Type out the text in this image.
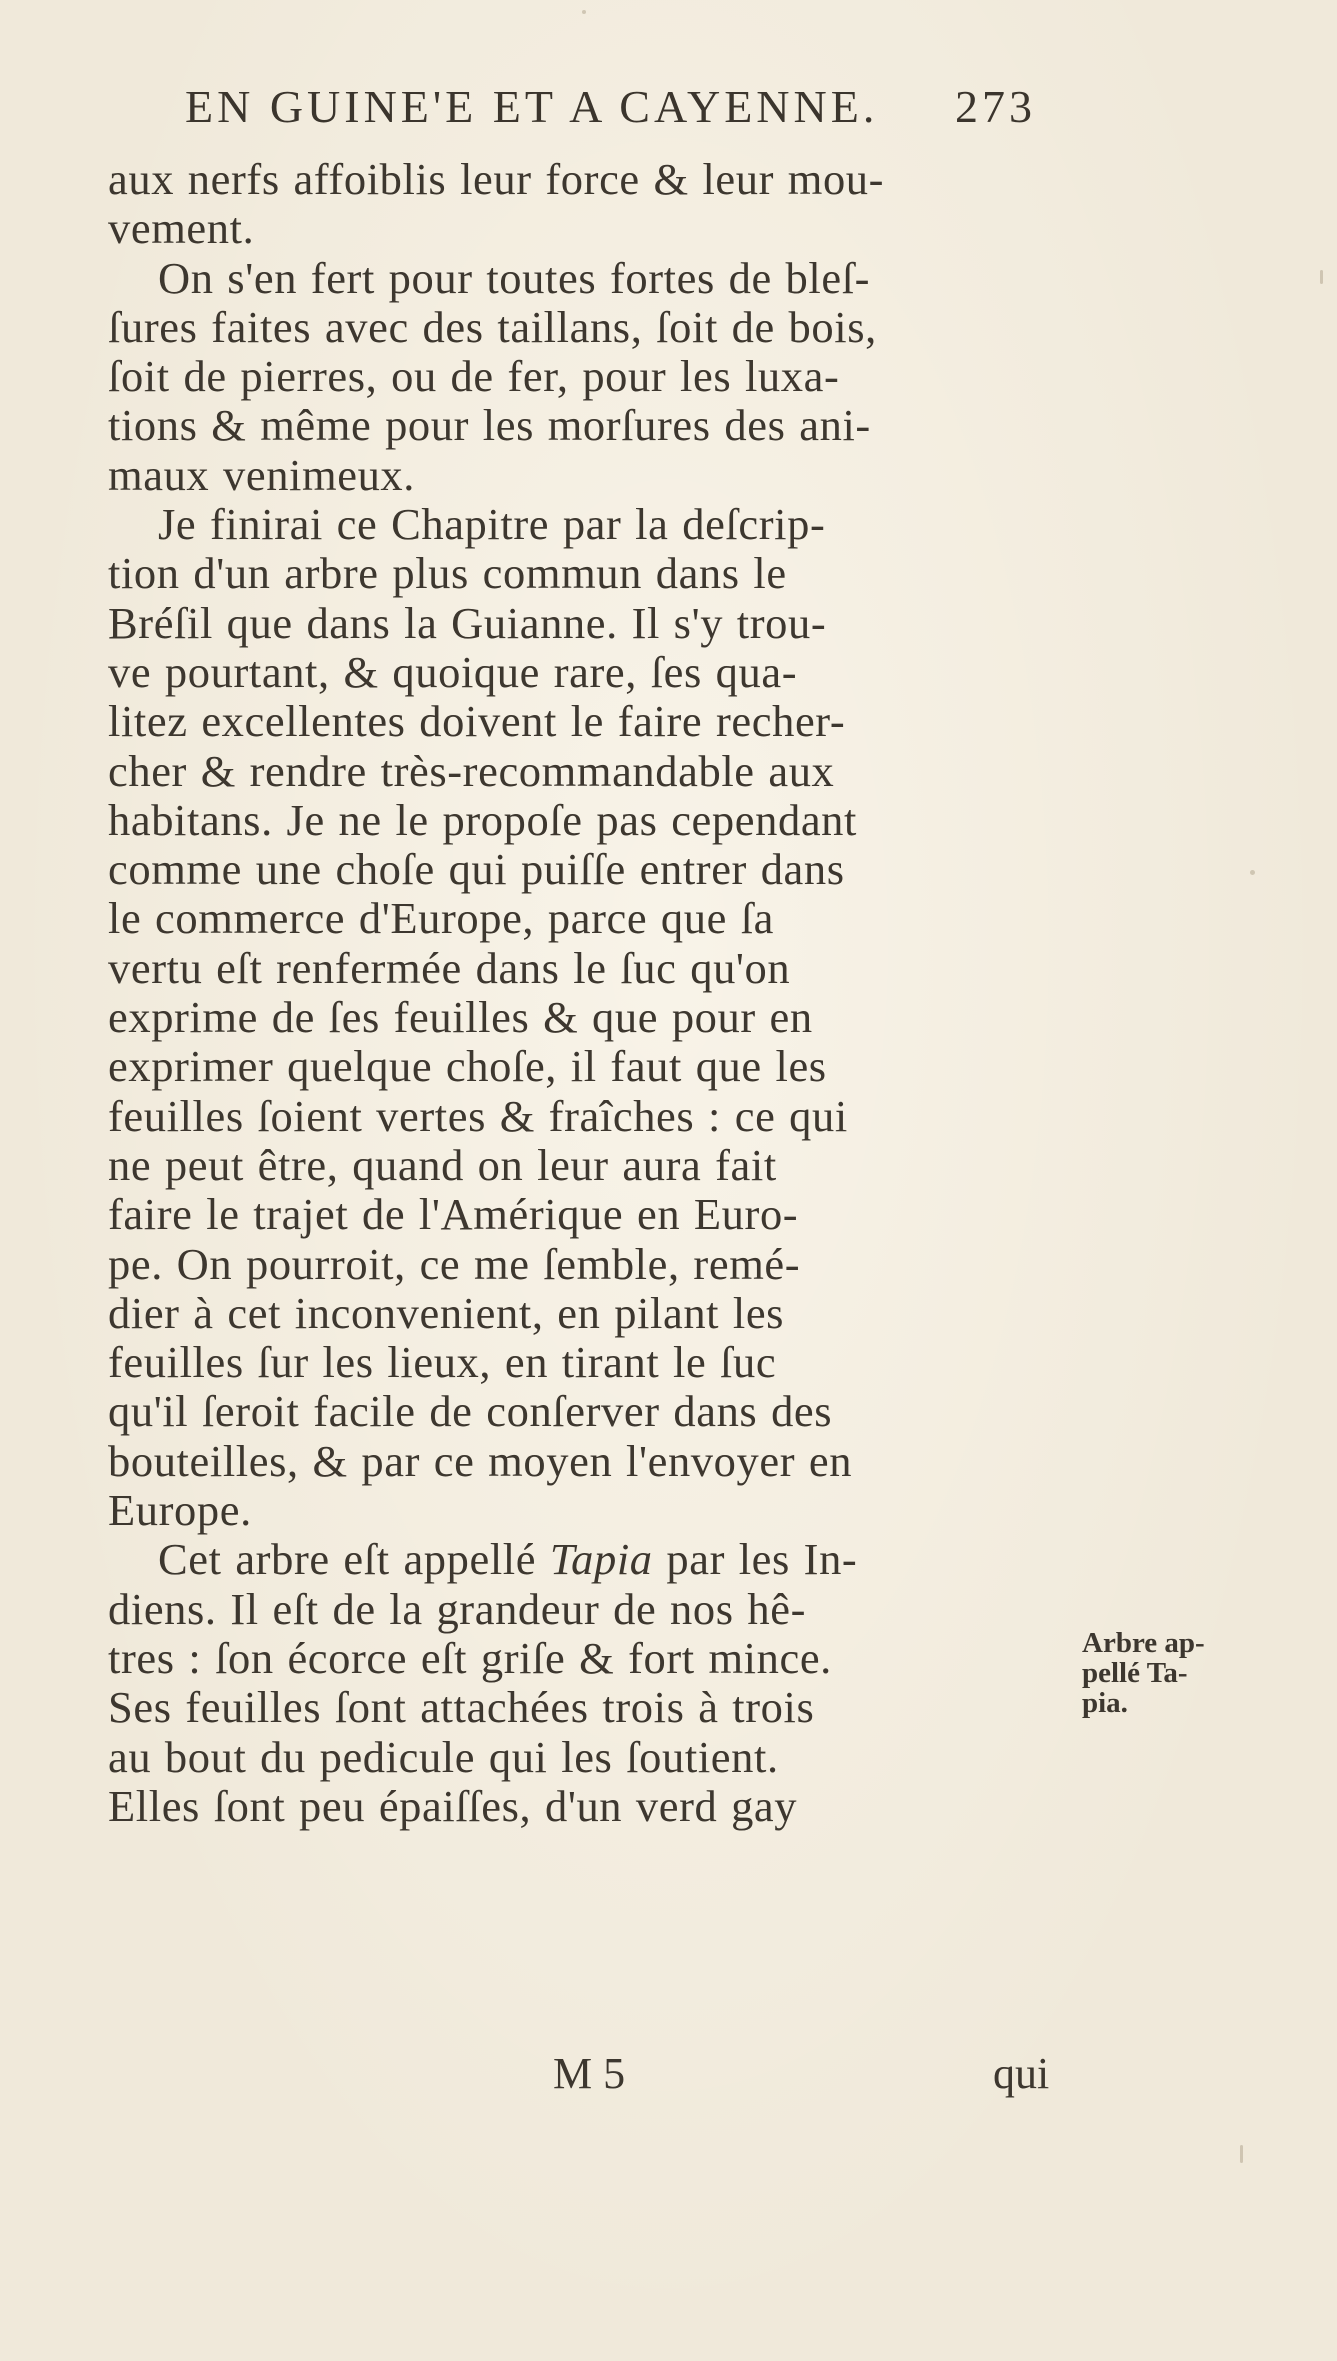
EN GUINE'E ET A CAYENNE. 273
aux nerfs affoiblis leur force & leur mou-
vement.
On s'en fert pour toutes fortes de bleſ-
ſures faites avec des taillans, ſoit de bois,
ſoit de pierres, ou de fer, pour les luxa-
tions & même pour les morſures des ani-
maux venimeux.
Je finirai ce Chapitre par la deſcrip-
tion d'un arbre plus commun dans le
Bréſil que dans la Guianne. Il s'y trou-
ve pourtant, & quoique rare, ſes qua-
litez excellentes doivent le faire recher-
cher & rendre très-recommandable aux
habitans. Je ne le propoſe pas cependant
comme une choſe qui puiſſe entrer dans
le commerce d'Europe, parce que ſa
vertu eſt renfermée dans le ſuc qu'on
exprime de ſes feuilles & que pour en
exprimer quelque choſe, il faut que les
feuilles ſoient vertes & fraîches : ce qui
ne peut être, quand on leur aura fait
faire le trajet de l'Amérique en Euro-
pe. On pourroit, ce me ſemble, remé-
dier à cet inconvenient, en pilant les
feuilles ſur les lieux, en tirant le ſuc
qu'il ſeroit facile de conſerver dans des
bouteilles, & par ce moyen l'envoyer en
Europe.
Cet arbre eſt appellé Tapia par les In-
diens. Il eſt de la grandeur de nos hê-
tres : ſon écorce eſt griſe & fort mince.
Ses feuilles ſont attachées trois à trois
au bout du pedicule qui les ſoutient.
Elles ſont peu épaiſſes, d'un verd gay
Arbre ap-
pellé Ta-
pia.
M 5	qui
